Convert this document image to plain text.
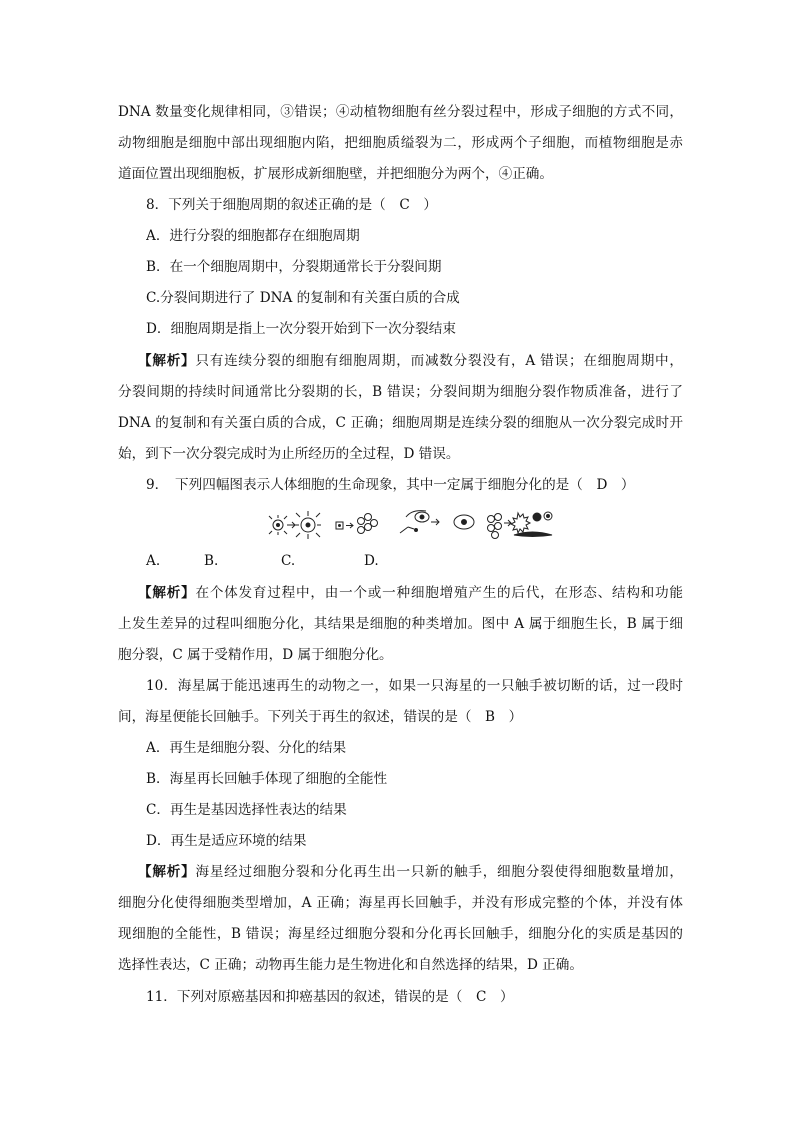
DNA 数量变化规律相同，③错误；④动植物细胞有丝分裂过程中，形成子细胞的方式不同，
动物细胞是细胞中部出现细胞内陷，把细胞质缢裂为二，形成两个子细胞，而植物细胞是赤
道面位置出现细胞板，扩展形成新细胞壁，并把细胞分为两个，④正确。
8．下列关于细胞周期的叙述正确的是（　C　）
A．进行分裂的细胞都存在细胞周期
B．在一个细胞周期中，分裂期通常长于分裂间期
C.分裂间期进行了 DNA 的复制和有关蛋白质的合成
D．细胞周期是指上一次分裂开始到下一次分裂结束
【解析】只有连续分裂的细胞有细胞周期，而减数分裂没有，A 错误；在细胞周期中，
分裂间期的持续时间通常比分裂期的长，B 错误；分裂间期为细胞分裂作物质准备，进行了
DNA 的复制和有关蛋白质的合成，C 正确；细胞周期是连续分裂的细胞从一次分裂完成时开
始，到下一次分裂完成时为止所经历的全过程，D 错误。
9．　下列四幅图表示人体细胞的生命现象，其中一定属于细胞分化的是（　D　）
A.	B.	C.	D.
【解析】在个体发育过程中，由一个或一种细胞增殖产生的后代，在形态、结构和功能
上发生差异的过程叫细胞分化，其结果是细胞的种类增加。图中 A 属于细胞生长，B 属于细
胞分裂，C 属于受精作用，D 属于细胞分化。
10．海星属于能迅速再生的动物之一，如果一只海星的一只触手被切断的话，过一段时
间，海星便能长回触手。下列关于再生的叙述，错误的是（　B　）
A．再生是细胞分裂、分化的结果
B．海星再长回触手体现了细胞的全能性
C．再生是基因选择性表达的结果
D．再生是适应环境的结果
【解析】海星经过细胞分裂和分化再生出一只新的触手，细胞分裂使得细胞数量增加，
细胞分化使得细胞类型增加，A 正确；海星再长回触手，并没有形成完整的个体，并没有体
现细胞的全能性，B 错误；海星经过细胞分裂和分化再长回触手，细胞分化的实质是基因的
选择性表达，C 正确；动物再生能力是生物进化和自然选择的结果，D 正确。
11．下列对原癌基因和抑癌基因的叙述，错误的是（　C　）
